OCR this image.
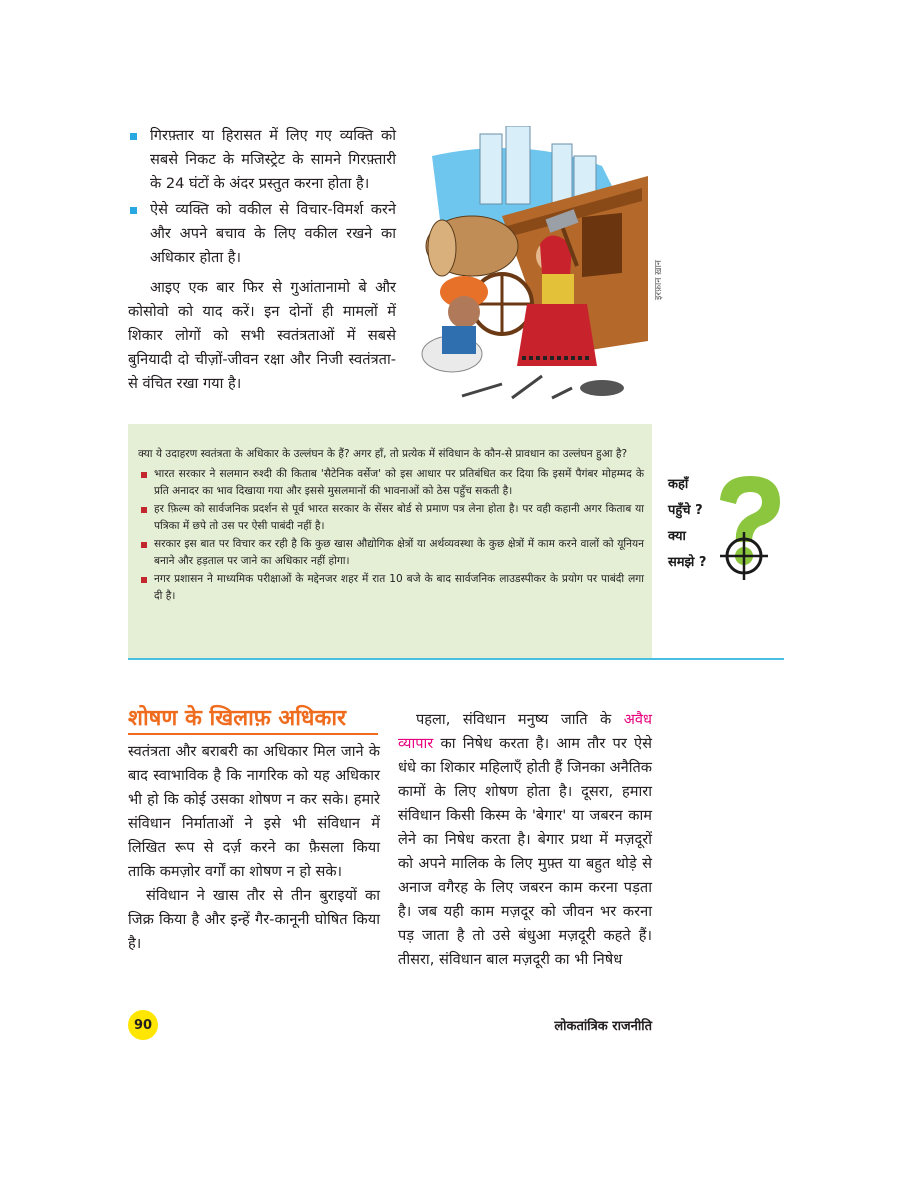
गिरफ़्तार या हिरासत में लिए गए व्यक्ति को सबसे निकट के मजिस्ट्रेट के सामने गिरफ़्तारी के 24 घंटों के अंदर प्रस्तुत करना होता है।
ऐसे व्यक्ति को वकील से विचार-विमर्श करने और अपने बचाव के लिए वकील रखने का अधिकार होता है।

आइए एक बार फिर से गुआंतानामो बे और कोसोवो को याद करें। इन दोनों ही मामलों में शिकार लोगों को सभी स्वतंत्रताओं में सबसे बुनियादी दो चीज़ों-जीवन रक्षा और निजी स्वतंत्रता-से वंचित रखा गया है।

इरफ़ान ख़ान

क्या ये उदाहरण स्वतंत्रता के अधिकार के उल्लंघन के हैं? अगर हाँ, तो प्रत्येक में संविधान के कौन-से प्रावधान का उल्लंघन हुआ है?

भारत सरकार ने सलमान रुश्दी की किताब 'सैटेनिक वर्सेज' को इस आधार पर प्रतिबंधित कर दिया कि इसमें पैगंबर मोहम्मद के प्रति अनादर का भाव दिखाया गया और इससे मुसलमानों की भावनाओं को ठेस पहुँच सकती है।
हर फ़िल्म को सार्वजनिक प्रदर्शन से पूर्व भारत सरकार के सेंसर बोर्ड से प्रमाण पत्र लेना होता है। पर वही कहानी अगर किताब या पत्रिका में छपे तो उस पर ऐसी पाबंदी नहीं है।
सरकार इस बात पर विचार कर रही है कि कुछ खास औद्योगिक क्षेत्रों या अर्थव्यवस्था के कुछ क्षेत्रों में काम करने वालों को यूनियन बनाने और हड़ताल पर जाने का अधिकार नहीं होगा।
नगर प्रशासन ने माध्यमिक परीक्षाओं के मद्देनजर शहर में रात 10 बजे के बाद सार्वजनिक लाउडस्पीकर के प्रयोग पर पाबंदी लगा दी है।
कहाँ
पहुँचे ?
क्या
समझे ?
शोषण के खिलाफ़ अधिकार

स्वतंत्रता और बराबरी का अधिकार मिल जाने के बाद स्वाभाविक है कि नागरिक को यह अधिकार भी हो कि कोई उसका शोषण न कर सके। हमारे संविधान निर्माताओं ने इसे भी संविधान में लिखित रूप से दर्ज़ करने का फ़ैसला किया ताकि कमज़ोर वर्गों का शोषण न हो सके।

संविधान ने खास तौर से तीन बुराइयों का जिक्र किया है और इन्हें गैर-कानूनी घोषित किया है।

पहला, संविधान मनुष्य जाति के अवैध व्यापार का निषेध करता है। आम तौर पर ऐसे धंधे का शिकार महिलाएँ होती हैं जिनका अनैतिक कामों के लिए शोषण होता है। दूसरा, हमारा संविधान किसी किस्म के 'बेगार' या जबरन काम लेने का निषेध करता है। बेगार प्रथा में मज़दूरों को अपने मालिक के लिए मुफ़्त या बहुत थोड़े से अनाज वगैरह के लिए जबरन काम करना पड़ता है। जब यही काम मज़दूर को जीवन भर करना पड़ जाता है तो उसे बंधुआ मज़दूरी कहते हैं। तीसरा, संविधान बाल मज़दूरी का भी निषेध

90	लोकतांत्रिक राजनीति
